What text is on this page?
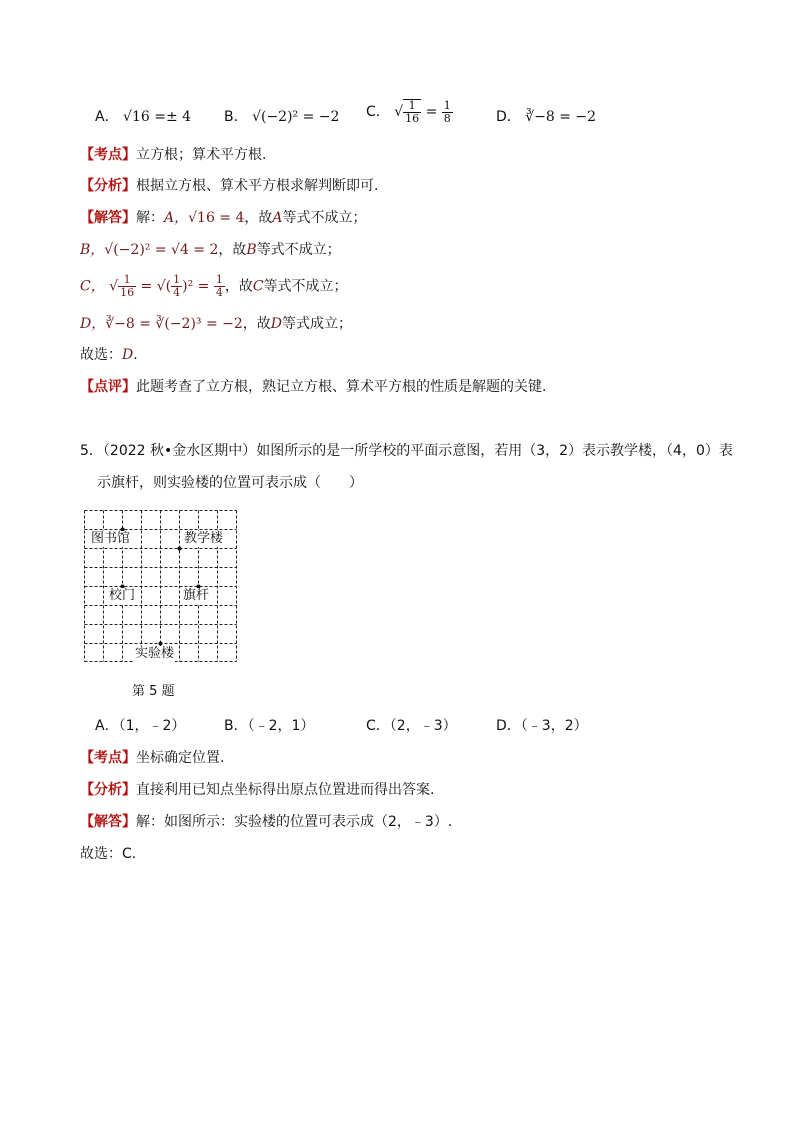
A． √16 =± 4 B． √(−2)² = −2 C． √ $\frac{1}{16} = \frac{1}{8}$	D． ∛−8 = −2
【考点】立方根；算术平方根.
【分析】根据立方根、算术平方根求解判断即可.
【解答】解：A，√16 = 4，故A等式不成立；
B，√(−2)² = √4 = 2，故B等式不成立；
C， √ $\frac{1}{16}$ = √( $\frac{1}{4} )^2 = \frac{1}{4}$ ，故C等式不成立；
D，∛−8 = ∛(−2)³ = −2，故D等式成立；
故选：D.
【点评】此题考查了立方根，熟记立方根、算术平方根的性质是解题的关键.
5．（2022 秋•金水区期中）如图所示的是一所学校的平面示意图，若用（3，2）表示教学楼，（4，0）表
示旗杆，则实验楼的位置可表示成（　　）
图书馆	教学楼
校门	旗杆
实验楼
第 5 题
A．（1，﹣2）	B．（﹣2，1）	C．（2，﹣3）	D．（﹣3，2）
【考点】坐标确定位置.
【分析】直接利用已知点坐标得出原点位置进而得出答案.
【解答】解：如图所示：实验楼的位置可表示成（2，﹣3）.
故选：C.
